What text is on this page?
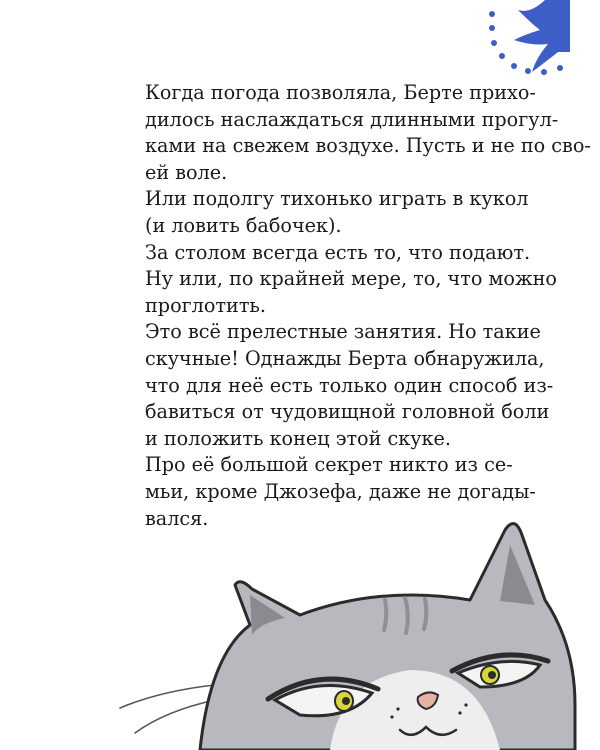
Когда погода позволяла, Берте прихо-
дилось наслаждаться длинными прогул-
ками на свежем воздухе. Пусть и не по сво-
ей воле.

Или подолгу тихонько играть в кукол
(и ловить бабочек).

За столом всегда есть то, что подают.
Ну или, по крайней мере, то, что можно
проглотить.

Это всё прелестные занятия. Но такие
скучные! Однажды Берта обнаружила,
что для неё есть только один способ из-
бавиться от чудовищной головной боли
и положить конец этой скуке.

Про её большой секрет никто из се-
мьи, кроме Джозефа, даже не догады-
вался.
